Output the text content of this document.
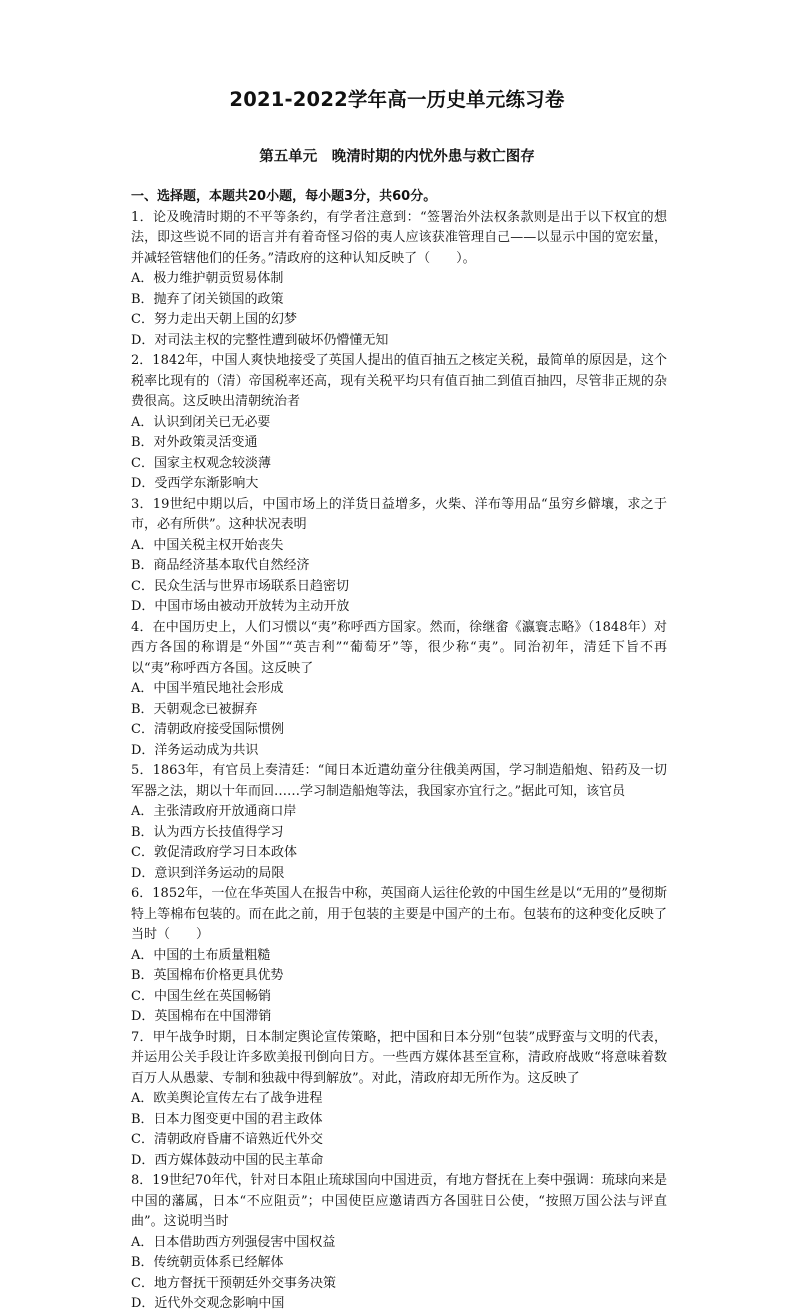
2021-2022学年高一历史单元练习卷
第五单元　晚清时期的内忧外患与救亡图存
一、选择题，本题共20小题，每小题3分，共60分。
1．论及晚清时期的不平等条约，有学者注意到：“签署治外法权条款则是出于以下权宜的想法，即这些说不同的语言并有着奇怪习俗的夷人应该获准管理自己——以显示中国的宽宏量，并减轻管辖他们的任务。”清政府的这种认知反映了（　　）。
A．极力维护朝贡贸易体制
B．抛弃了闭关锁国的政策
C．努力走出天朝上国的幻梦
D．对司法主权的完整性遭到破坏仍懵懂无知
2．1842年，中国人爽快地接受了英国人提出的值百抽五之核定关税，最简单的原因是，这个税率比现有的（清）帝国税率还高，现有关税平均只有值百抽二到值百抽四，尽管非正规的杂费很高。这反映出清朝统治者
A．认识到闭关已无必要
B．对外政策灵活变通
C．国家主权观念较淡薄
D．受西学东渐影响大
3．19世纪中期以后，中国市场上的洋货日益增多，火柴、洋布等用品“虽穷乡僻壤，求之于市，必有所供”。这种状况表明
A．中国关税主权开始丧失
B．商品经济基本取代自然经济
C．民众生活与世界市场联系日趋密切
D．中国市场由被动开放转为主动开放
4．在中国历史上，人们习惯以“夷”称呼西方国家。然而，徐继畲《瀛寰志略》（1848年）对西方各国的称谓是“外国”“英吉利”“葡萄牙”等，很少称“夷”。同治初年，清廷下旨不再以“夷”称呼西方各国。这反映了
A．中国半殖民地社会形成
B．天朝观念已被摒弃
C．清朝政府接受国际惯例
D．洋务运动成为共识
5．1863年，有官员上奏清廷：“闻日本近遣幼童分往俄美两国，学习制造船炮、铅药及一切军器之法，期以十年而回……学习制造船炮等法，我国家亦宜行之。”据此可知，该官员
A．主张清政府开放通商口岸
B．认为西方长技值得学习
C．敦促清政府学习日本政体
D．意识到洋务运动的局限
6．1852年，一位在华英国人在报告中称，英国商人运往伦敦的中国生丝是以“无用的”曼彻斯特上等棉布包装的。而在此之前，用于包装的主要是中国产的土布。包装布的这种变化反映了当时（　　）
A．中国的土布质量粗糙
B．英国棉布价格更具优势
C．中国生丝在英国畅销
D．英国棉布在中国滞销
7．甲午战争时期，日本制定舆论宣传策略，把中国和日本分别“包装”成野蛮与文明的代表，并运用公关手段让许多欧美报刊倒向日方。一些西方媒体甚至宣称，清政府战败“将意味着数百万人从愚蒙、专制和独裁中得到解放”。对此，清政府却无所作为。这反映了
A．欧美舆论宣传左右了战争进程
B．日本力图变更中国的君主政体
C．清朝政府昏庸不谙熟近代外交
D．西方媒体鼓动中国的民主革命
8．19世纪70年代，针对日本阻止琉球国向中国进贡，有地方督抚在上奏中强调：琉球向来是中国的藩属，日本“不应阻贡”；中国使臣应邀请西方各国驻日公使，“按照万国公法与评直曲”。这说明当时
A．日本借助西方列强侵害中国权益
B．传统朝贡体系已经解体
C．地方督抚干预朝廷外交事务决策
D．近代外交观念影响中国
